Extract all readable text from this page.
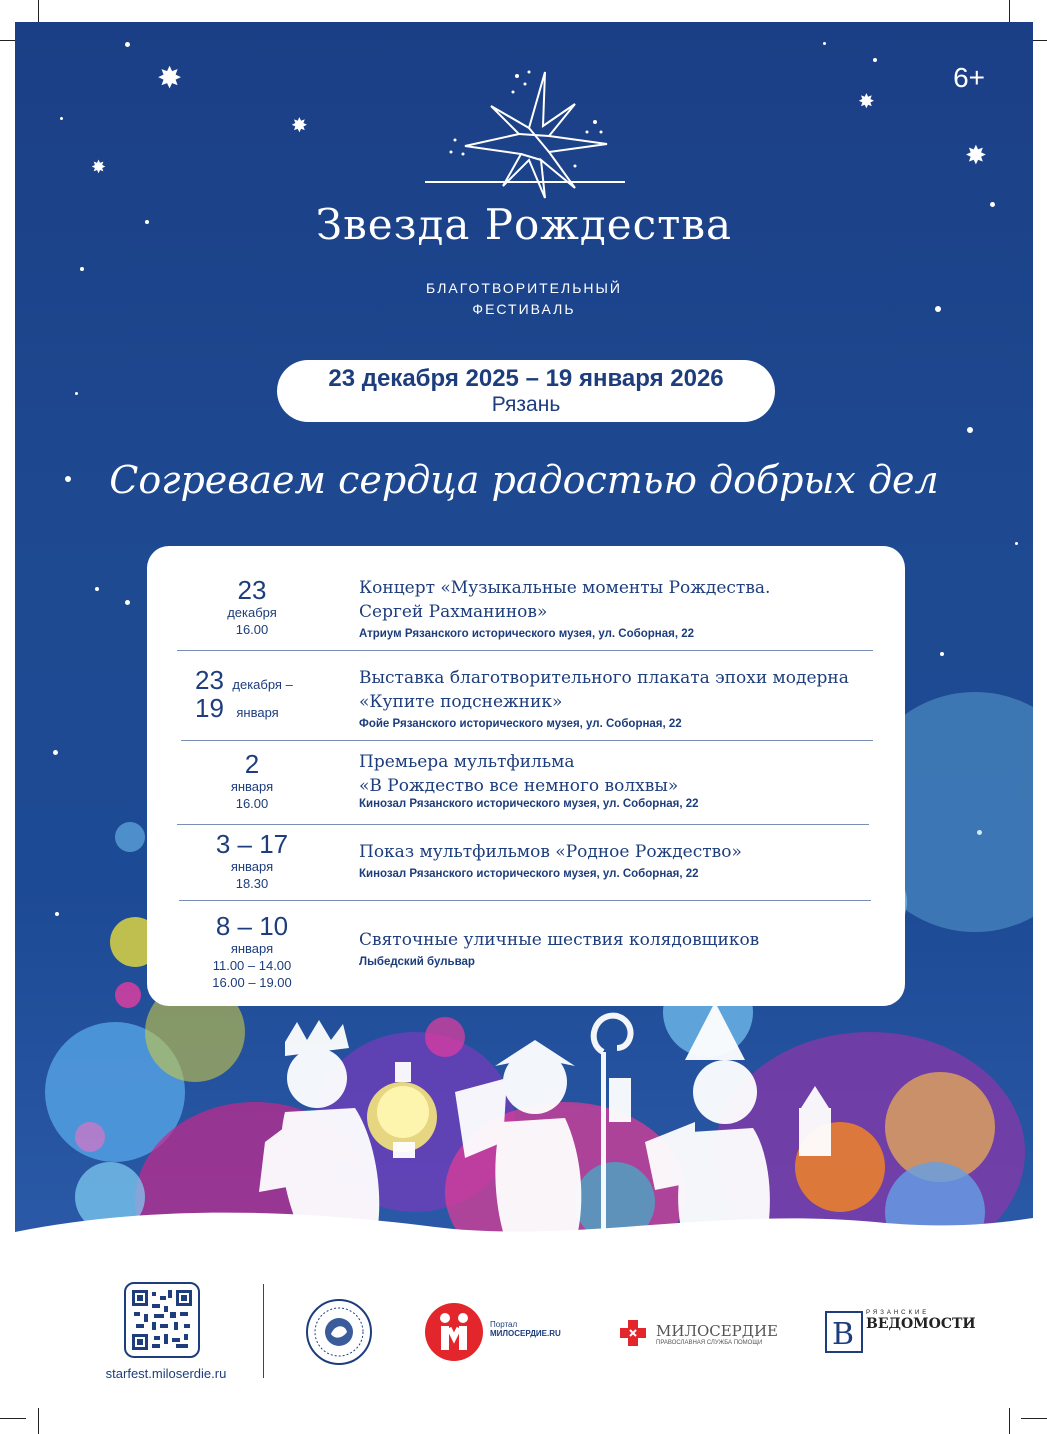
✸
✸
✸
✸
✸
6+
Звезда Рождества
БЛАГОТВОРИТЕЛЬНЫЙ
ФЕСТИВАЛЬ
23 декабря 2025 – 19 января 2026
Рязань
Согреваем сердца радостью добрых дел
23
декабря
16.00
Концерт «Музыкальные моменты Рождества.
Сергей Рахманинов»
Атриум Рязанского исторического музея, ул. Соборная, 22
23 декабря –
19 января
Выставка благотворительного плаката эпохи модерна
«Купите подснежник»
Фойе Рязанского исторического музея, ул. Соборная, 22
2
января
16.00
Премьера мультфильма
«В Рождество все немного волхвы»
Кинозал Рязанского исторического музея, ул. Соборная, 22
3 – 17
января
18.30
Показ мультфильмов «Родное Рождество»
Кинозал Рязанского исторического музея, ул. Соборная, 22
8 – 10
января
11.00 – 14.00
16.00 – 19.00
Святочные уличные шествия колядовщиков
Лыбедский бульвар
starfest.miloserdie.ru
Портал
МИЛОСЕРДИЕ.RU	МИЛОСЕРДИЕ
ПРАВОСЛАВНАЯ СЛУЖБА ПОМОЩИ	B
РЯЗАНСКИЕ
ВЕДОМОСТИ
